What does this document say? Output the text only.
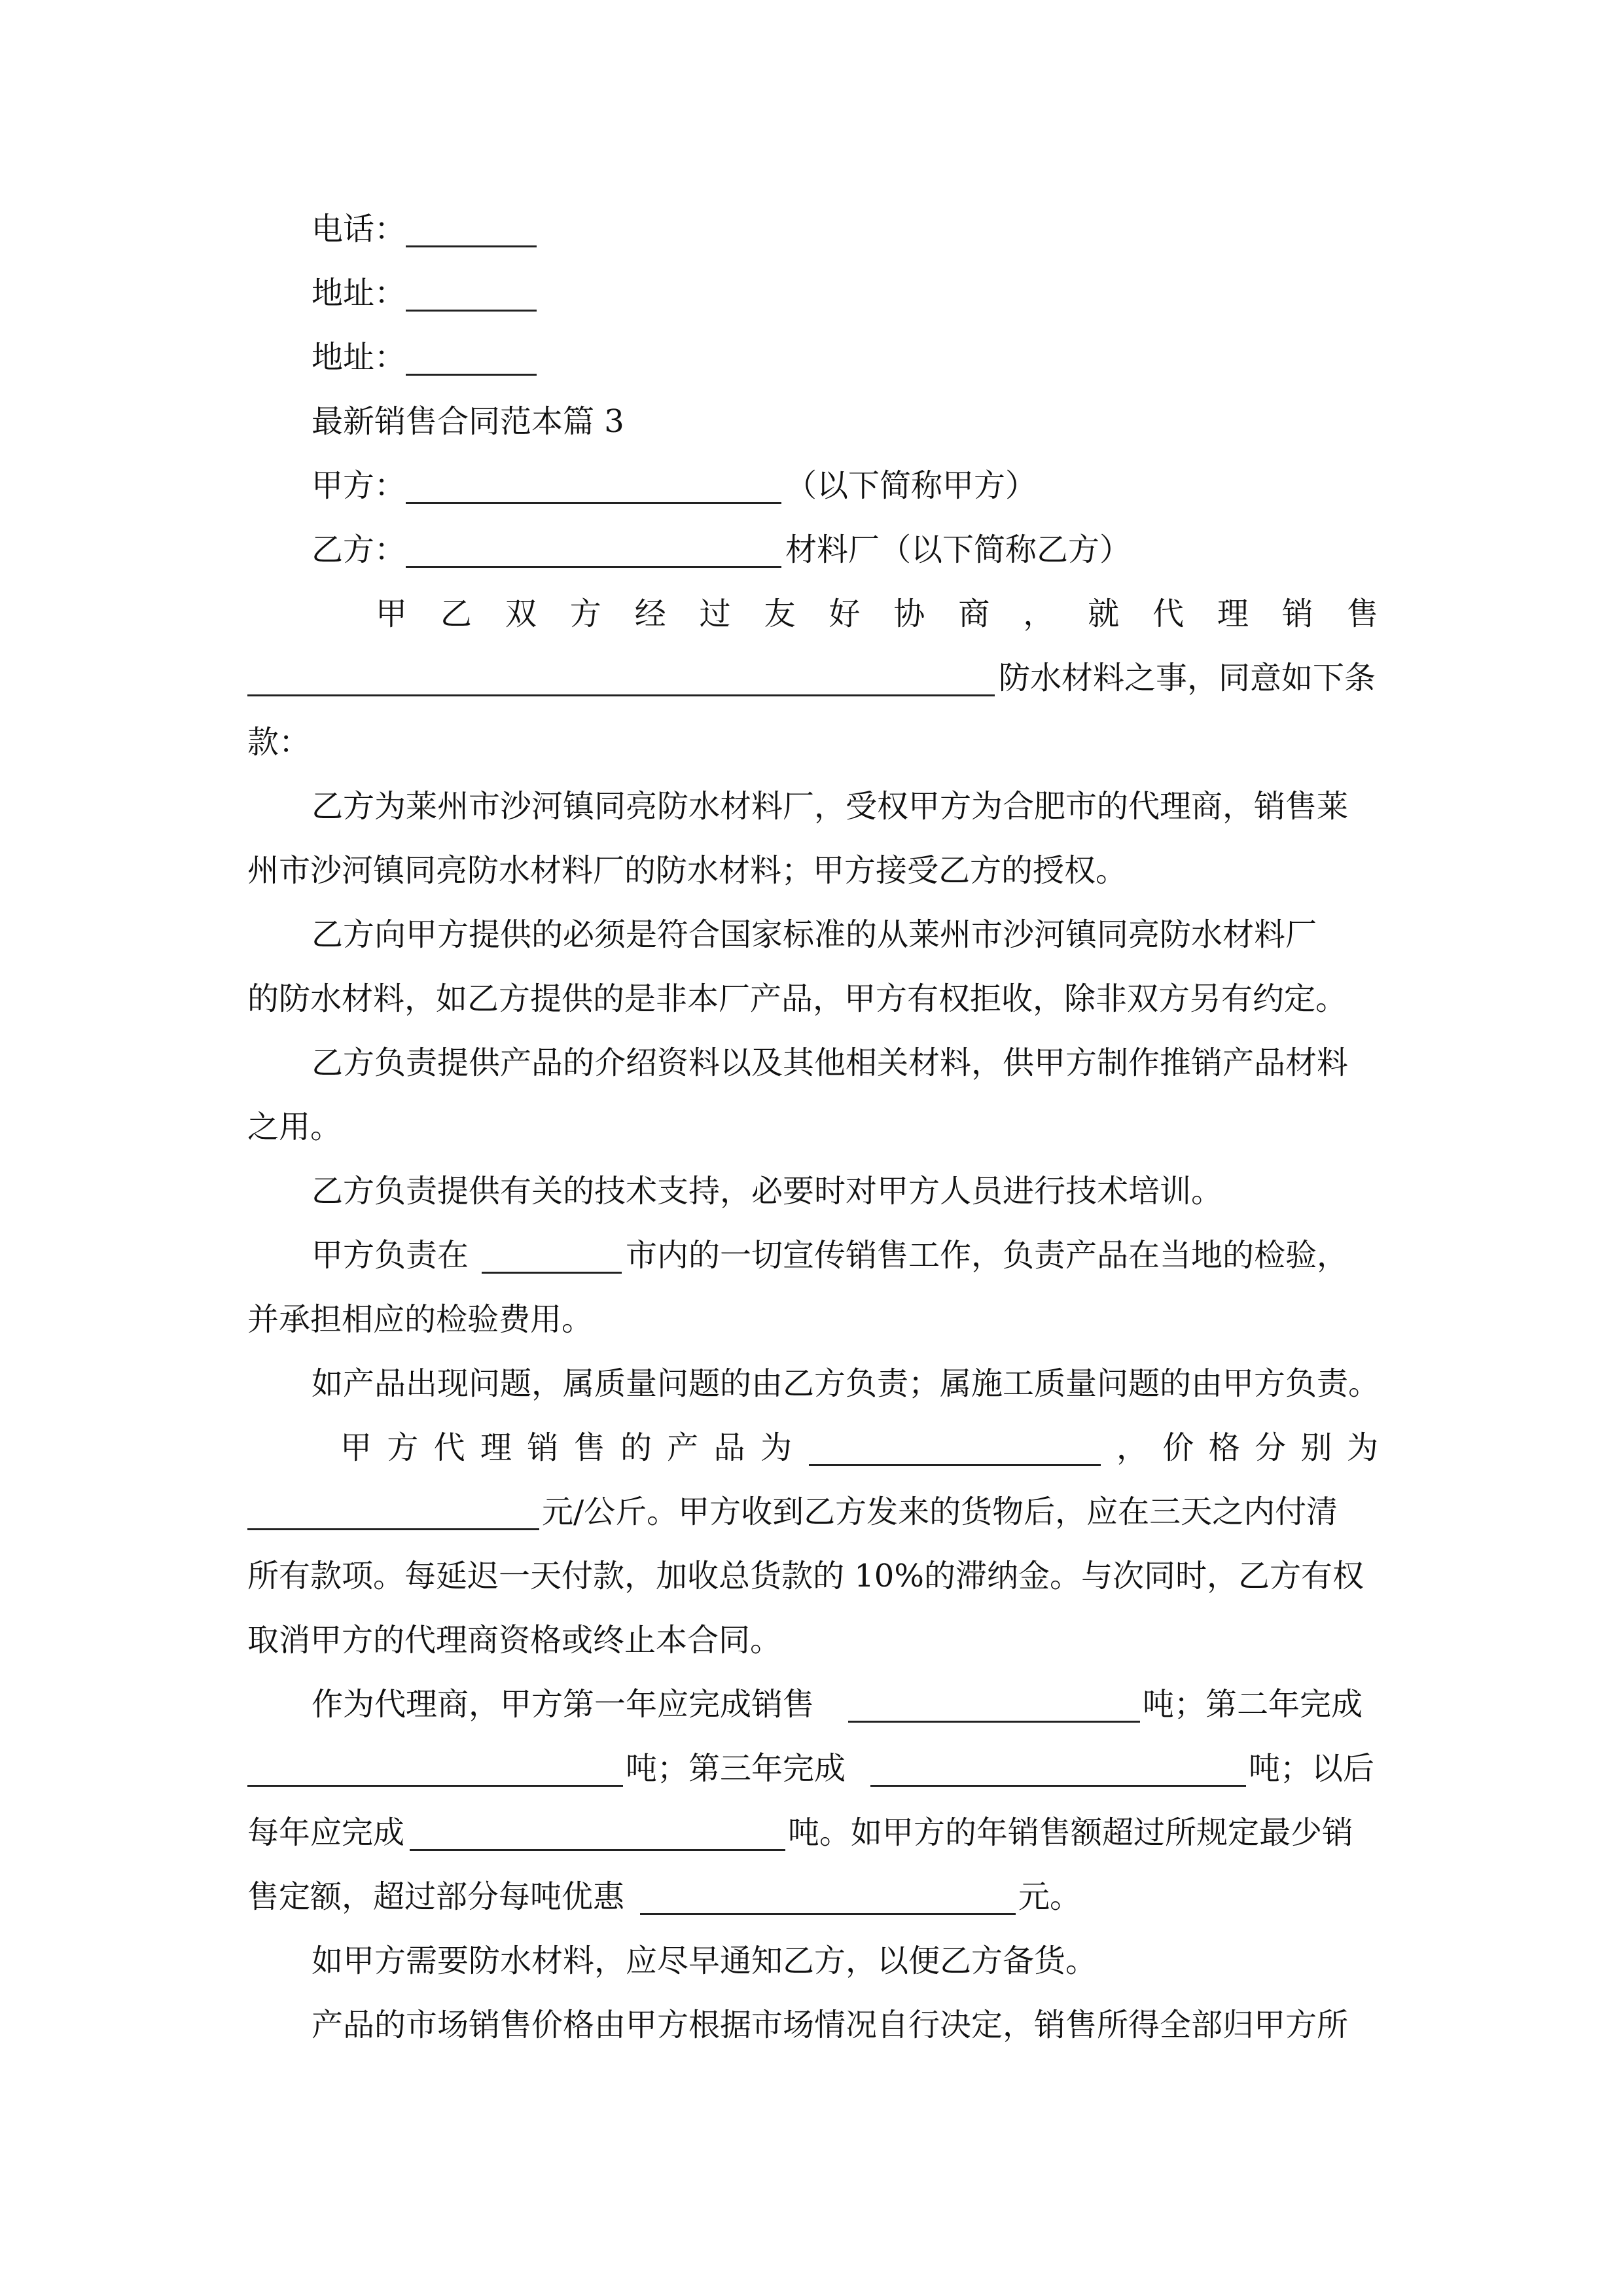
电话：
地址：
地址：
最新销售合同范本篇 3
甲方：	（以下简称甲方）
乙方：	材料厂（以下简称乙方）
甲 乙 双 方 经 过 友 好 协 商 ， 就 代 理 销 售
防水材料之事，同意如下条
款：
乙方为莱州市沙河镇同亮防水材料厂，受权甲方为合肥市的代理商，销售莱
州市沙河镇同亮防水材料厂的防水材料；甲方接受乙方的授权。
乙方向甲方提供的必须是符合国家标准的从莱州市沙河镇同亮防水材料厂
的防水材料，如乙方提供的是非本厂产品，甲方有权拒收，除非双方另有约定。
乙方负责提供产品的介绍资料以及其他相关材料，供甲方制作推销产品材料
之用。
乙方负责提供有关的技术支持，必要时对甲方人员进行技术培训。
甲方负责在	市内的一切宣传销售工作，负责产品在当地的检验，
并承担相应的检验费用。
如产品出现问题，属质量问题的由乙方负责；属施工质量问题的由甲方负责。
甲 方 代 理 销 售 的 产 品 为	， 价 格 分 别 为
元/公斤。甲方收到乙方发来的货物后，应在三天之内付清
所有款项。每延迟一天付款，加收总货款的 10%的滞纳金。与次同时，乙方有权
取消甲方的代理商资格或终止本合同。
作为代理商，甲方第一年应完成销售	吨；第二年完成
吨；第三年完成	吨；以后
每年应完成	吨。如甲方的年销售额超过所规定最少销
售定额，超过部分每吨优惠	元。
如甲方需要防水材料，应尽早通知乙方，以便乙方备货。
产品的市场销售价格由甲方根据市场情况自行决定，销售所得全部归甲方所
